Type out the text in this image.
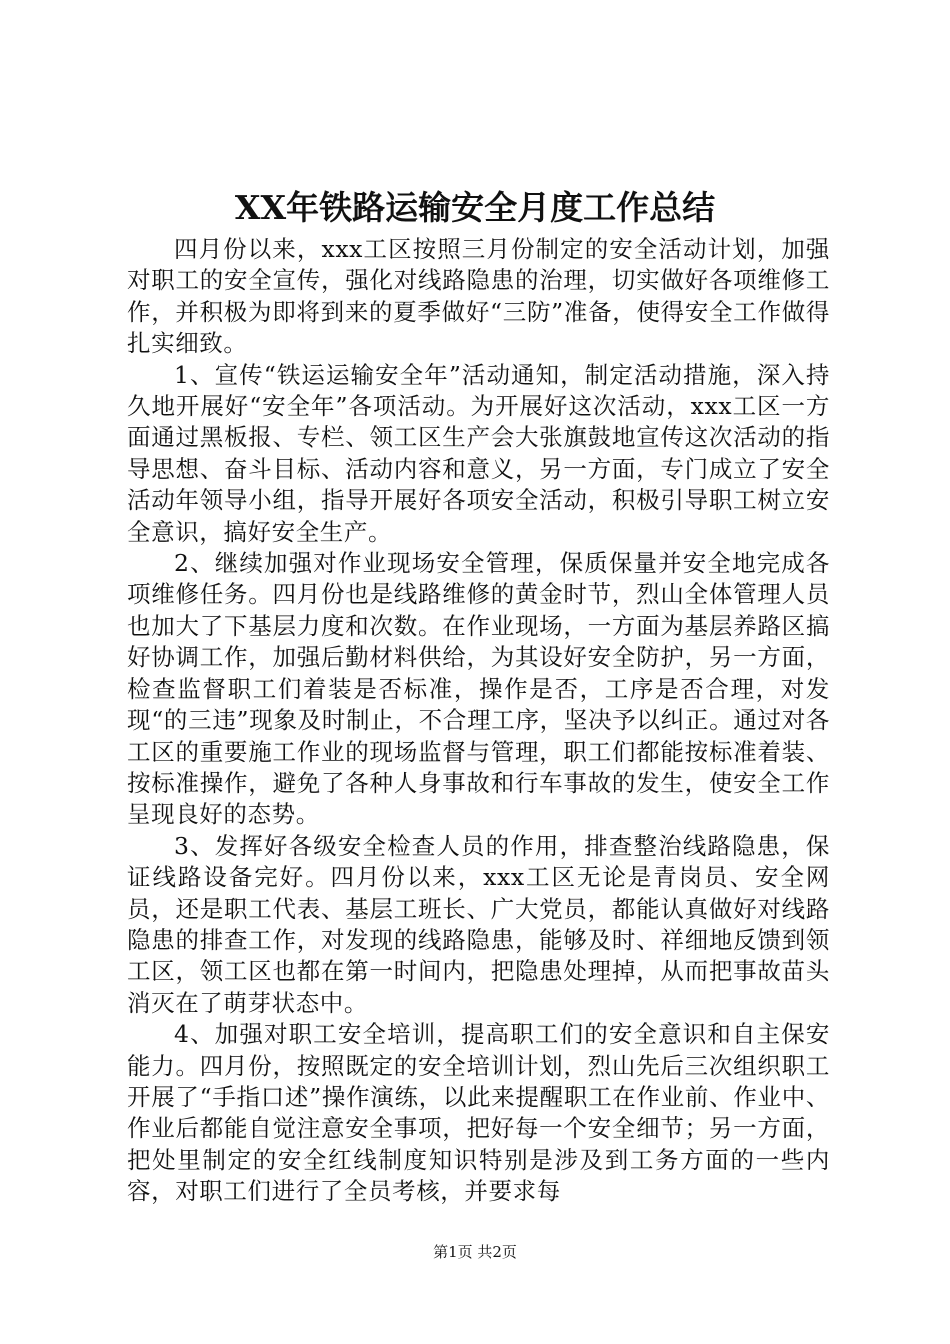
XX年铁路运输安全月度工作总结

四月份以来，xxx工区按照三月份制定的安全活动计划，加强对职工的安全宣传，强化对线路隐患的治理，切实做好各项维修工作，并积极为即将到来的夏季做好“三防”准备，使得安全工作做得扎实细致。

1、宣传“铁运运输安全年”活动通知，制定活动措施，深入持久地开展好“安全年”各项活动。为开展好这次活动，xxx工区一方面通过黑板报、专栏、领工区生产会大张旗鼓地宣传这次活动的指导思想、奋斗目标、活动内容和意义，另一方面，专门成立了安全活动年领导小组，指导开展好各项安全活动，积极引导职工树立安全意识，搞好安全生产。

2、继续加强对作业现场安全管理，保质保量并安全地完成各项维修任务。四月份也是线路维修的黄金时节，烈山全体管理人员也加大了下基层力度和次数。在作业现场，一方面为基层养路区搞好协调工作，加强后勤材料供给，为其设好安全防护，另一方面，检查监督职工们着装是否标准，操作是否，工序是否合理，对发现“的三违”现象及时制止，不合理工序，坚决予以纠正。通过对各工区的重要施工作业的现场监督与管理，职工们都能按标准着装、按标准操作，避免了各种人身事故和行车事故的发生，使安全工作呈现良好的态势。

3、发挥好各级安全检查人员的作用，排查整治线路隐患，保证线路设备完好。四月份以来，xxx工区无论是青岗员、安全网员，还是职工代表、基层工班长、广大党员，都能认真做好对线路隐患的排查工作，对发现的线路隐患，能够及时、祥细地反馈到领工区，领工区也都在第一时间内，把隐患处理掉，从而把事故苗头消灭在了萌芽状态中。

4、加强对职工安全培训，提高职工们的安全意识和自主保安能力。四月份，按照既定的安全培训计划，烈山先后三次组织职工开展了“手指口述”操作演练，以此来提醒职工在作业前、作业中、作业后都能自觉注意安全事项，把好每一个安全细节；另一方面，把处里制定的安全红线制度知识特别是涉及到工务方面的一些内容，对职工们进行了全员考核，并要求每

第1页 共2页
